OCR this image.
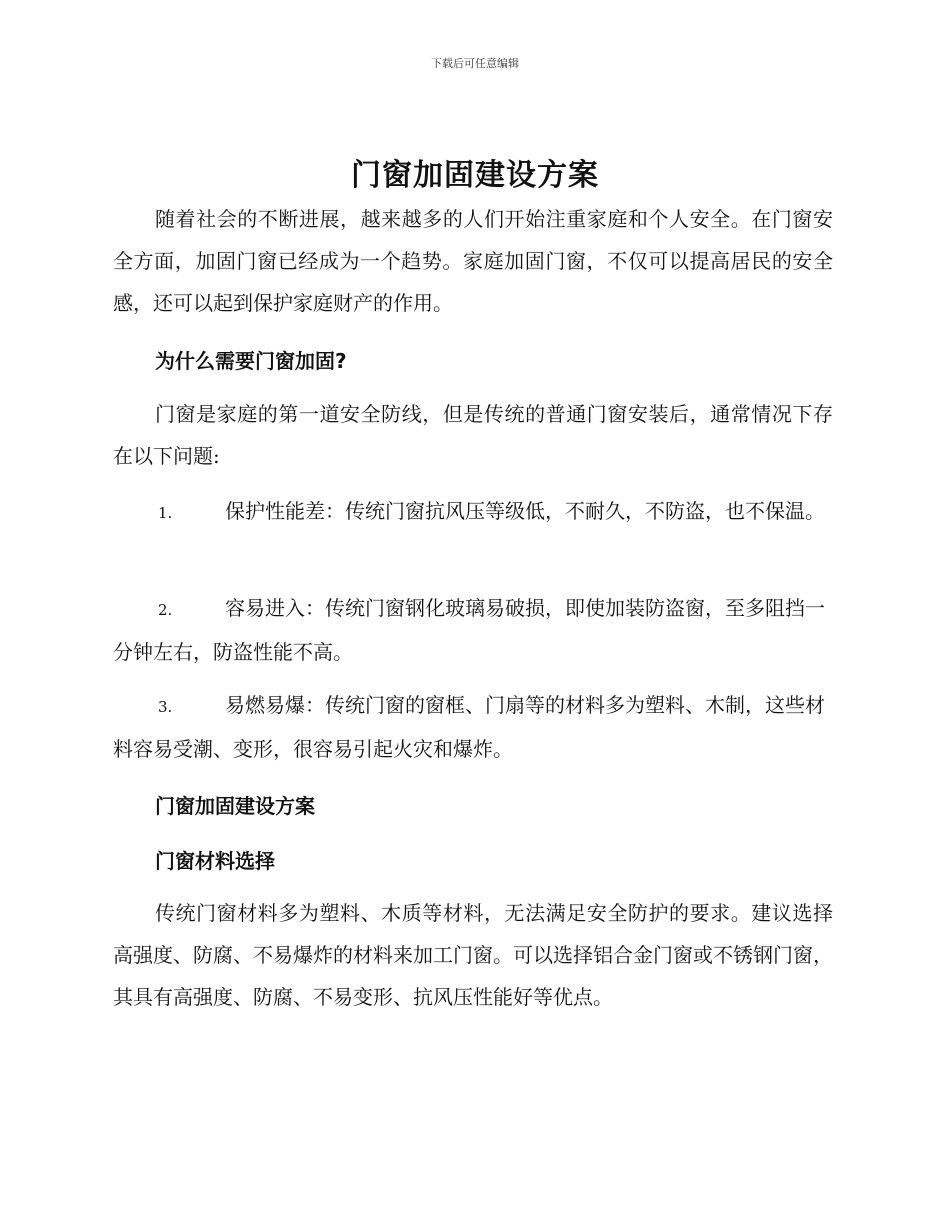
下载后可任意编辑
门窗加固建设方案
随着社会的不断进展，越来越多的人们开始注重家庭和个人安全。在门窗安全方面，加固门窗已经成为一个趋势。家庭加固门窗，不仅可以提高居民的安全感，还可以起到保护家庭财产的作用。
为什么需要门窗加固?
门窗是家庭的第一道安全防线，但是传统的普通门窗安装后，通常情况下存在以下问题:
1.	保护性能差：传统门窗抗风压等级低，不耐久，不防盗，也不保温。
2.	容易进入：传统门窗钢化玻璃易破损，即使加装防盗窗，至多阻挡一分钟左右，防盗性能不高。
3.	易燃易爆：传统门窗的窗框、门扇等的材料多为塑料、木制，这些材料容易受潮、变形，很容易引起火灾和爆炸。
门窗加固建设方案
门窗材料选择
传统门窗材料多为塑料、木质等材料，无法满足安全防护的要求。建议选择高强度、防腐、不易爆炸的材料来加工门窗。可以选择铝合金门窗或不锈钢门窗，其具有高强度、防腐、不易变形、抗风压性能好等优点。
